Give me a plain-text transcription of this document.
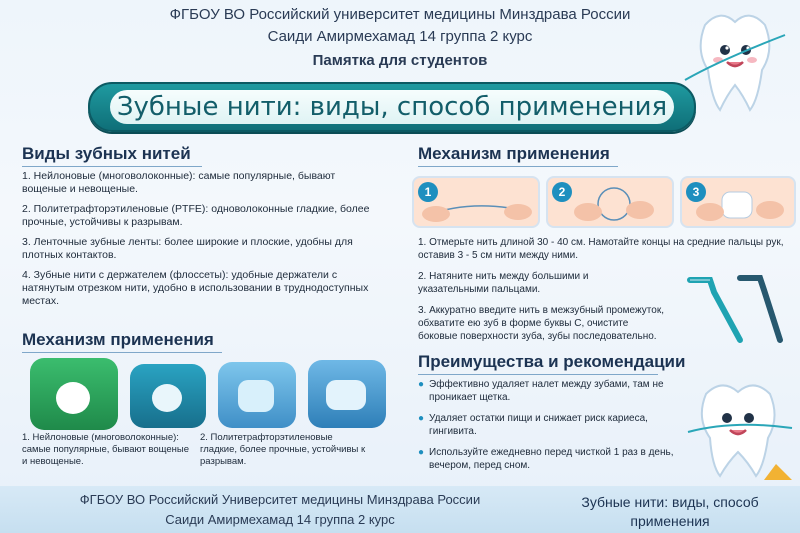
ФГБОУ ВО Российский университет медицины Минздрава России
Саиди Амирмехамад 14 группа 2 курс
Памятка для студентов
Зубные нити: виды, способ применения
Виды зубных нитей
1. Нейлоновые (многоволоконные): самые популярные, бывают вощеные и невощеные.
2. Политетрафторэтиленовые (PTFE): одноволоконные гладкие, более прочные, устойчивы к разрывам.
3. Ленточные зубные ленты: более широкие и плоские, удобны для плотных контактов.
4. Зубные нити с держателем (флоссеты): удобные держатели с натянутым отрезком нити, удобно в использовании в труднодоступных местах.
Механизм применения
1. Нейлоновые (многоволоконные): самые популярные, бывают вощеные и невощеные.
2. Политетрафторэтиленовые гладкие, более прочные, устойчивы к разрывам.
Механизм применения
1	2	3
1. Отмерьте нить длиной 30 - 40 см. Намотайте концы на средние пальцы рук, оставив 3 - 5 см нити между ними.
2. Натяните нить между большими и указательными пальцами.
3. Аккуратно введите нить в межзубный промежуток, обхватите ею зуб в форме буквы С, очистите боковые поверхности зуба, зубы последовательно.
Преимущества и рекомендации
● Эффективно удаляет налет между зубами, там не проникает щетка.
● Удаляет остатки пищи и снижает риск кариеса, гингивита.
● Используйте ежедневно перед чисткой 1 раз в день, вечером, перед сном.
ФГБОУ ВО Российский Университет медицины Минздрава России
Саиди Амирмехамад 14 группа 2 курс
Зубные нити: виды, способ
применения
